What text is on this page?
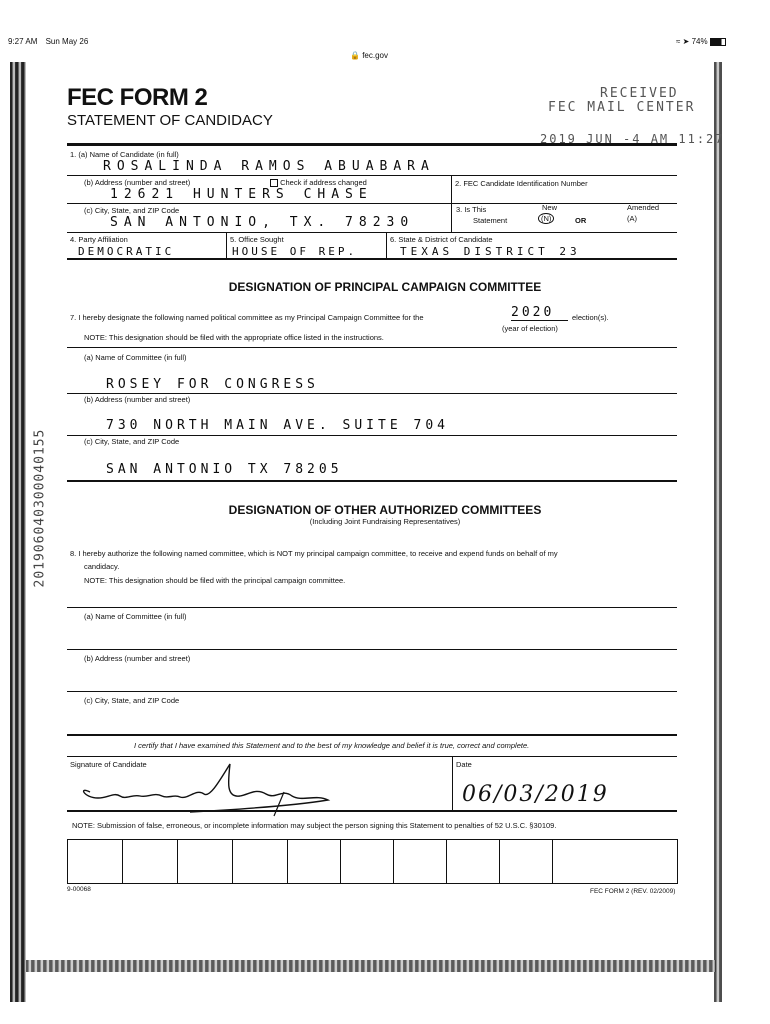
9:27 AM Sun May 26
🔒 fec.gov
≈ ➤ 74%
201906040300040155
FEC FORM 2
STATEMENT OF CANDIDACY
RECEIVED
FEC MAIL CENTER
2019 JUN -4 AM 11:27
1. (a) Name of Candidate (in full)
ROSALINDA RAMOS ABUABARA
(b) Address (number and street)	Check if address changed	2. FEC Candidate Identification Number
12621 HUNTERS CHASE
(c) City, State, and ZIP Code
SAN ANTONIO, TX. 78230
3. Is This
Statement
New
(N)	OR
Amended
(A)
4. Party Affiliation	5. Office Sought	6. State & District of Candidate
DEMOCRATIC	HOUSE OF REP.	TEXAS DISTRICT 23
DESIGNATION OF PRINCIPAL CAMPAIGN COMMITTEE
7. I hereby designate the following named political committee as my Principal Campaign Committee for the	2020	election(s).
(year of election)
NOTE: This designation should be filed with the appropriate office listed in the instructions.
(a) Name of Committee (in full)
ROSEY FOR CONGRESS
(b) Address (number and street)
730 NORTH MAIN AVE. SUITE 704
(c) City, State, and ZIP Code
SAN ANTONIO TX 78205
DESIGNATION OF OTHER AUTHORIZED COMMITTEES
(Including Joint Fundraising Representatives)
8. I hereby authorize the following named committee, which is NOT my principal campaign committee, to receive and expend funds on behalf of my
candidacy.
NOTE: This designation should be filed with the principal campaign committee.
(a) Name of Committee (in full)
(b) Address (number and street)
(c) City, State, and ZIP Code
I certify that I have examined this Statement and to the best of my knowledge and belief it is true, correct and complete.
Signature of Candidate	Date
06/03/2019
NOTE: Submission of false, erroneous, or incomplete information may subject the person signing this Statement to penalties of 52 U.S.C. §30109.
9-00068	FEC FORM 2 (REV. 02/2009)
